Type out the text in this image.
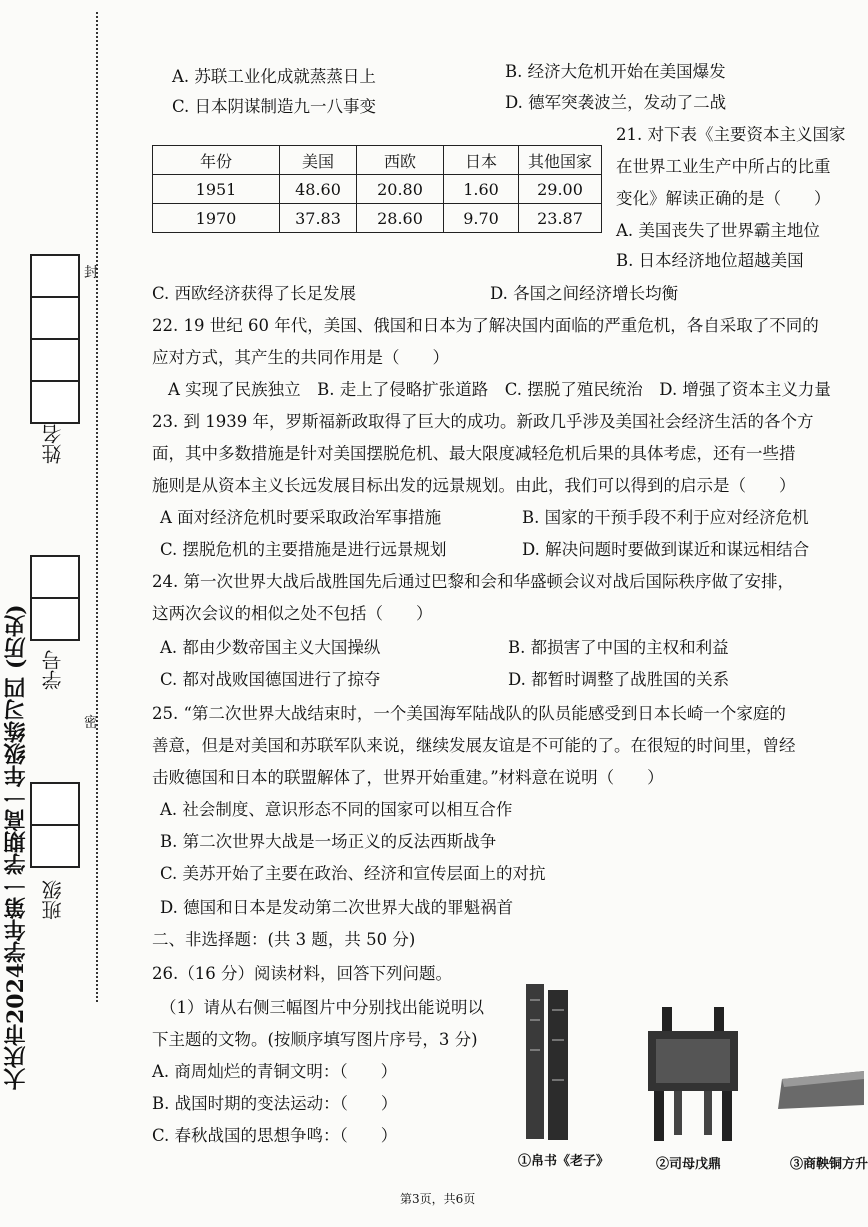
大庆市2024学年第一学期高一年级练习四 (历史)
封
密
姓名
学号
班级
A. 苏联工业化成就蒸蒸日上	B. 经济大危机开始在美国爆发
C. 日本阴谋制造九一八事变	D. 德军突袭波兰，发动了二战
21. 对下表《主要资本主义国家
在世界工业生产中所占的比重
变化》解读正确的是（　　）
A. 美国丧失了世界霸主地位
B. 日本经济地位超越美国
年份	美国	西欧	日本	其他国家
1951	48.60	20.80	1.60	29.00
1970	37.83	28.60	9.70	23.87
C. 西欧经济获得了长足发展	D. 各国之间经济增长均衡
22. 19 世纪 60 年代，美国、俄国和日本为了解决国内面临的严重危机，各自采取了不同的
应对方式，其产生的共同作用是（　　）
A 实现了民族独立　B. 走上了侵略扩张道路　C. 摆脱了殖民统治　D. 增强了资本主义力量
23. 到 1939 年，罗斯福新政取得了巨大的成功。新政几乎涉及美国社会经济生活的各个方
面，其中多数措施是针对美国摆脱危机、最大限度减轻危机后果的具体考虑，还有一些措
施则是从资本主义长远发展目标出发的远景规划。由此，我们可以得到的启示是（　　）
A 面对经济危机时要采取政治军事措施	B. 国家的干预手段不利于应对经济危机
C. 摆脱危机的主要措施是进行远景规划	D. 解决问题时要做到谋近和谋远相结合
24. 第一次世界大战后战胜国先后通过巴黎和会和华盛顿会议对战后国际秩序做了安排，
这两次会议的相似之处不包括（　　）
A. 都由少数帝国主义大国操纵	B. 都损害了中国的主权和利益
C. 都对战败国德国进行了掠夺	D. 都暂时调整了战胜国的关系
25. “第二次世界大战结束时，一个美国海军陆战队的队员能感受到日本长崎一个家庭的
善意，但是对美国和苏联军队来说，继续发展友谊是不可能的了。在很短的时间里，曾经
击败德国和日本的联盟解体了，世界开始重建。”材料意在说明（　　）
A. 社会制度、意识形态不同的国家可以相互合作
B. 第二次世界大战是一场正义的反法西斯战争
C. 美苏开始了主要在政治、经济和宣传层面上的对抗
D. 德国和日本是发动第二次世界大战的罪魁祸首
二、非选择题：(共 3 题，共 50 分)
26.（16 分）阅读材料，回答下列问题。
（1）请从右侧三幅图片中分别找出能说明以
下主题的文物。(按顺序填写图片序号，3 分)
A. 商周灿烂的青铜文明：（　　）
B. 战国时期的变法运动：（　　）
C. 春秋战国的思想争鸣：（　　）
①帛书《老子》	②司母戊鼎	③商鞅铜方升
第3页，共6页
